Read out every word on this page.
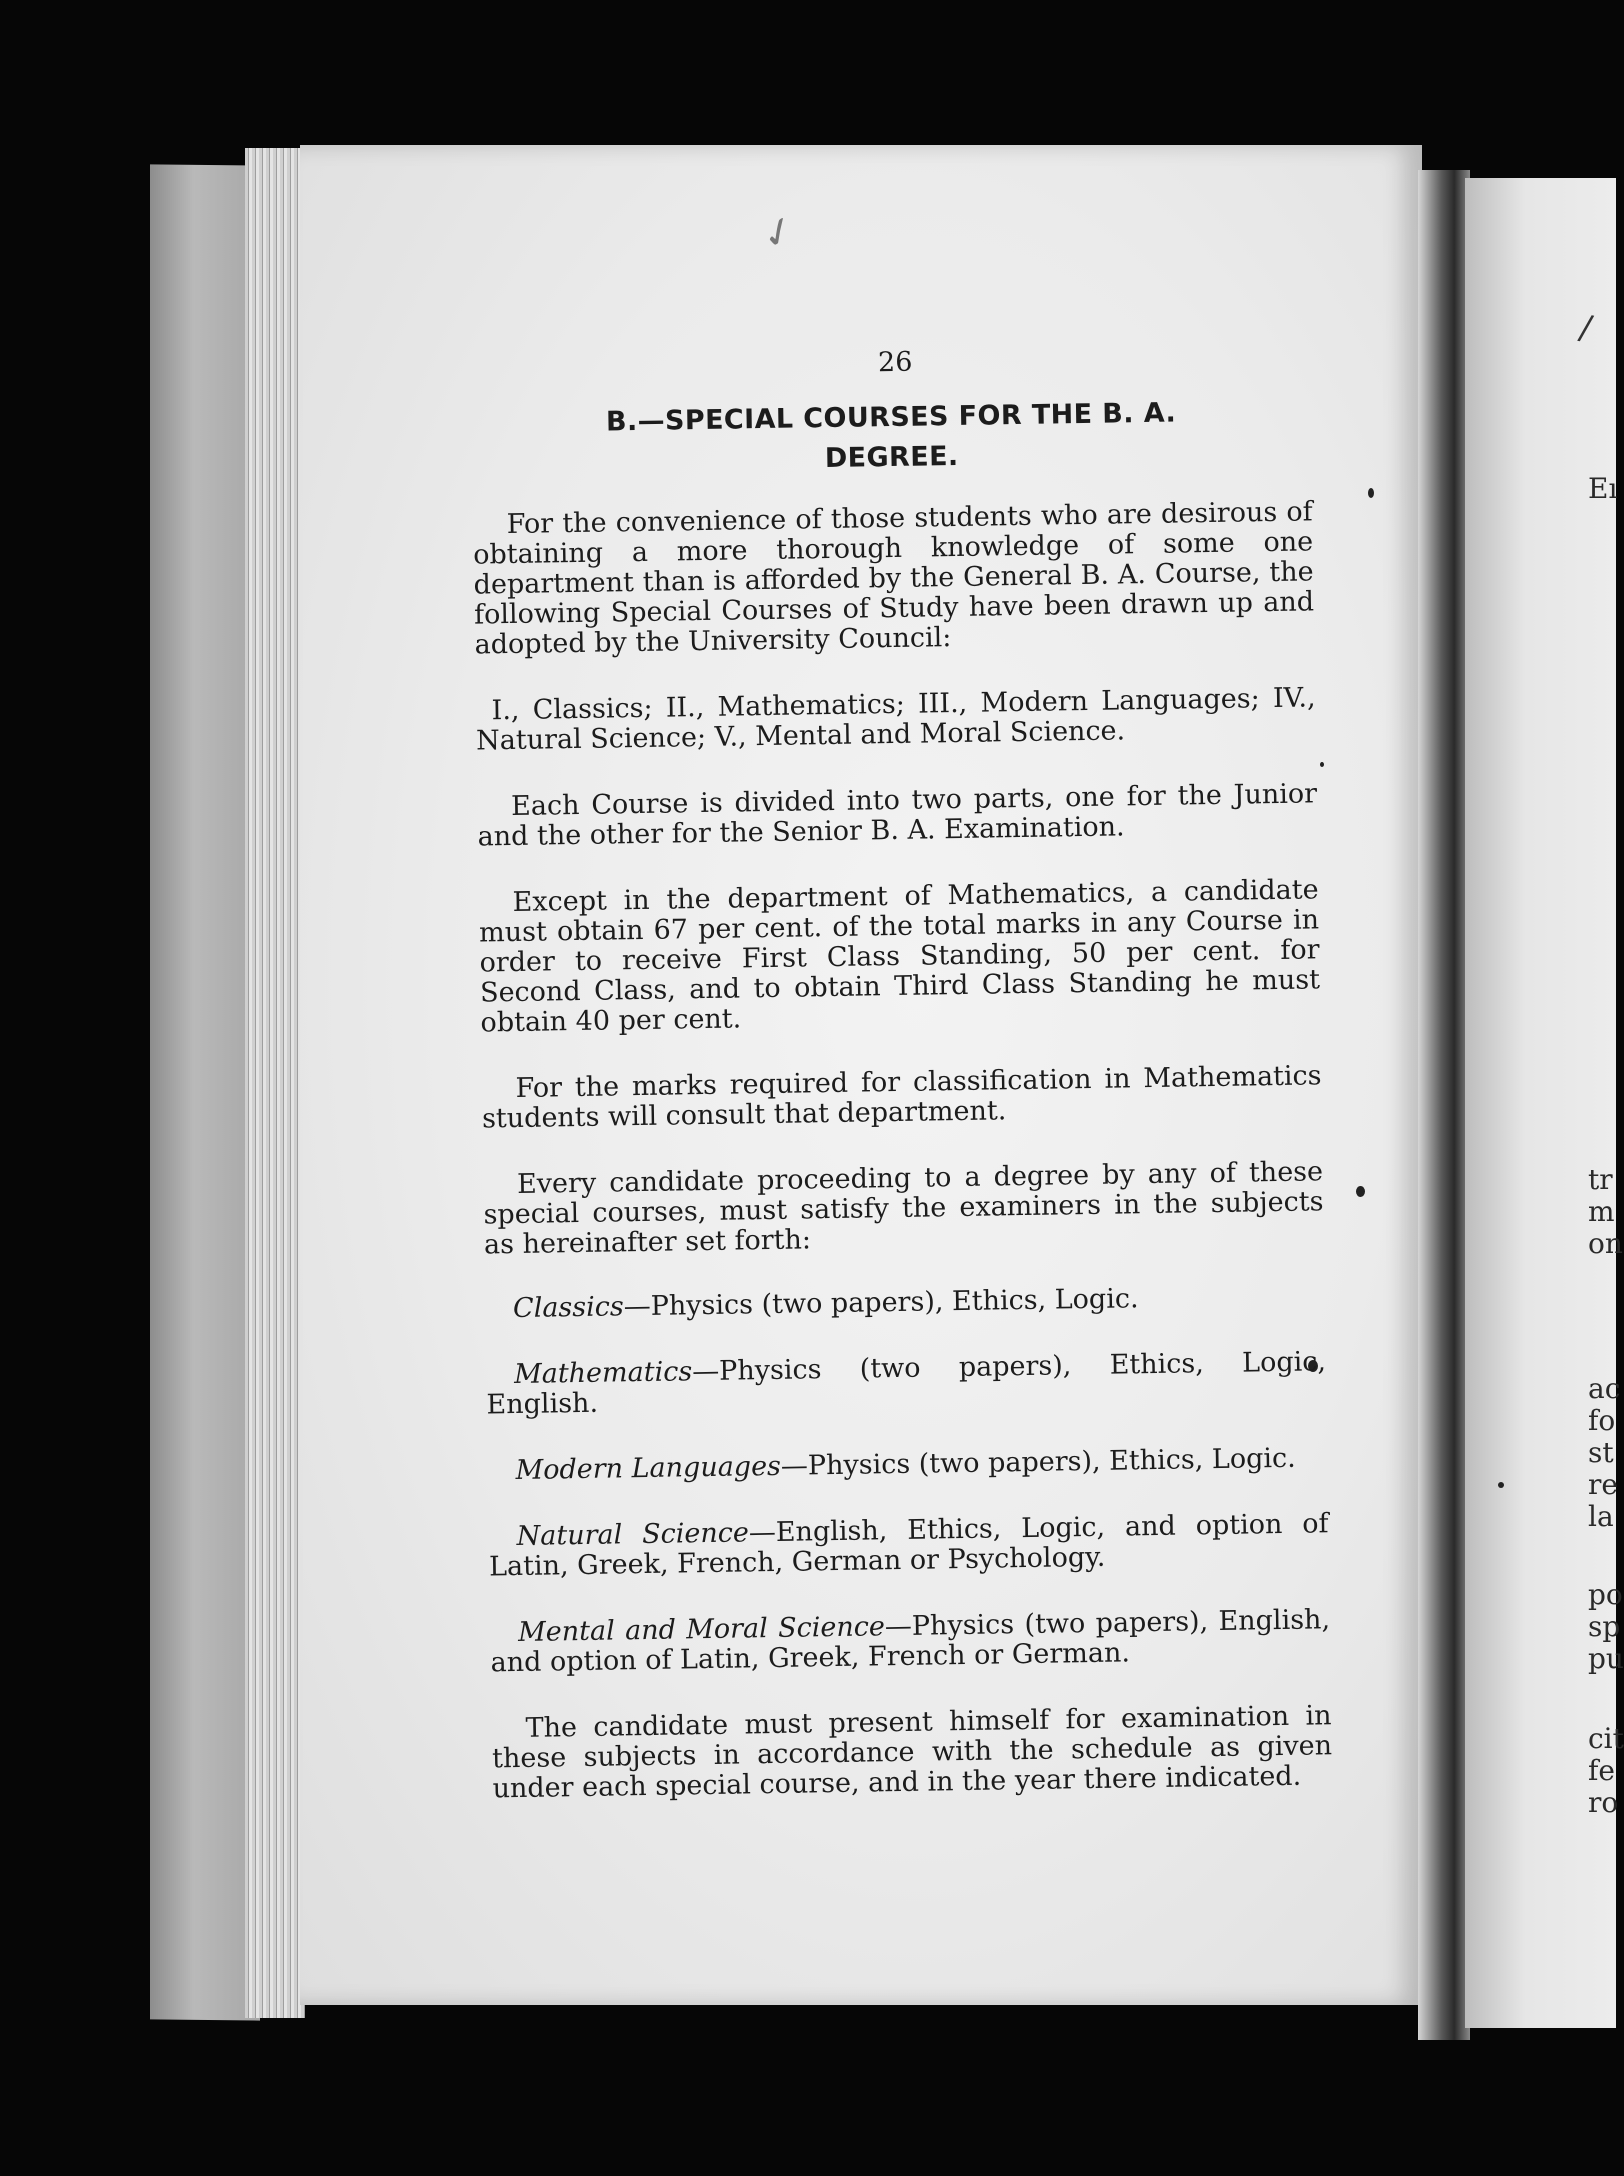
/
Eı
tr
m
on
ac
fo
st
re
la
po
sp
pu
cit
fe
ro
✓
26
B.—SPECIAL COURSES FOR THE B. A.
DEGREE.

For the convenience of those students who are desirous of obtaining a more thorough knowledge of some one department than is afforded by the General B. A. Course, the following Special Courses of Study have been drawn up and adopted by the University Council:

I., Classics; II., Mathematics; III., Modern Languages; IV., Natural Science; V., Mental and Moral Science.

Each Course is divided into two parts, one for the Junior and the other for the Senior B. A. Examination.

Except in the department of Mathematics, a candidate must obtain 67 per cent. of the total marks in any Course in order to receive First Class Standing, 50 per cent. for Second Class, and to obtain Third Class Standing he must obtain 40 per cent.

For the marks required for classification in Mathematics students will consult that department.

Every candidate proceeding to a degree by any of these special courses, must satisfy the examiners in the subjects as hereinafter set forth:

Classics—Physics (two papers), Ethics, Logic.

Mathematics—Physics (two papers), Ethics, Logic, English.

Modern Languages—Physics (two papers), Ethics, Logic.

Natural Science—English, Ethics, Logic, and option of Latin, Greek, French, German or Psychology.

Mental and Moral Science—Physics (two papers), English, and option of Latin, Greek, French or German.

The candidate must present himself for examination in these subjects in accordance with the schedule as given under each special course, and in the year there indicated.
